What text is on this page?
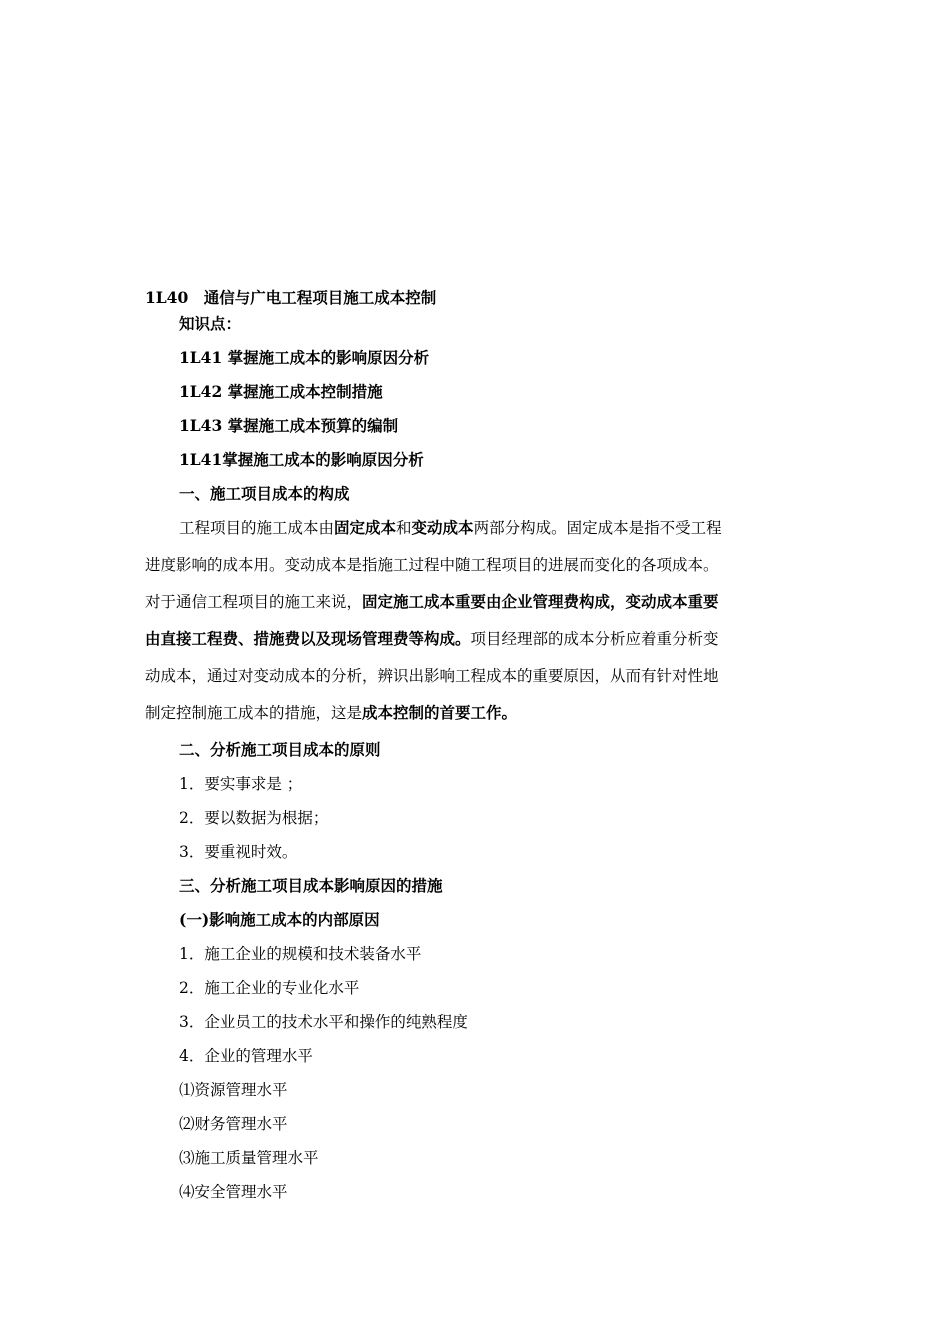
1L40　通信与广电工程项目施工成本控制
知识点：
1L41 掌握施工成本的影响原因分析
1L42 掌握施工成本控制措施
1L43 掌握施工成本预算的编制
1L41掌握施工成本的影响原因分析
一、施工项目成本的构成
工程项目的施工成本由固定成本和变动成本两部分构成。固定成本是指不受工程
进度影响的成本用。变动成本是指施工过程中随工程项目的进展而变化的各项成本。
对于通信工程项目的施工来说，固定施工成本重要由企业管理费构成，变动成本重要
由直接工程费、措施费以及现场管理费等构成。项目经理部的成本分析应着重分析变
动成本，通过对变动成本的分析，辨识出影响工程成本的重要原因，从而有针对性地
制定控制施工成本的措施，这是成本控制的首要工作。
二、分析施工项目成本的原则
1．要实事求是 ；
2．要以数据为根据；
3．要重视时效。
三、分析施工项目成本影响原因的措施
(一)影响施工成本的内部原因
1．施工企业的规模和技术装备水平
2．施工企业的专业化水平
3．企业员工的技术水平和操作的纯熟程度
4．企业的管理水平
⑴资源管理水平
⑵财务管理水平
⑶施工质量管理水平
⑷安全管理水平
